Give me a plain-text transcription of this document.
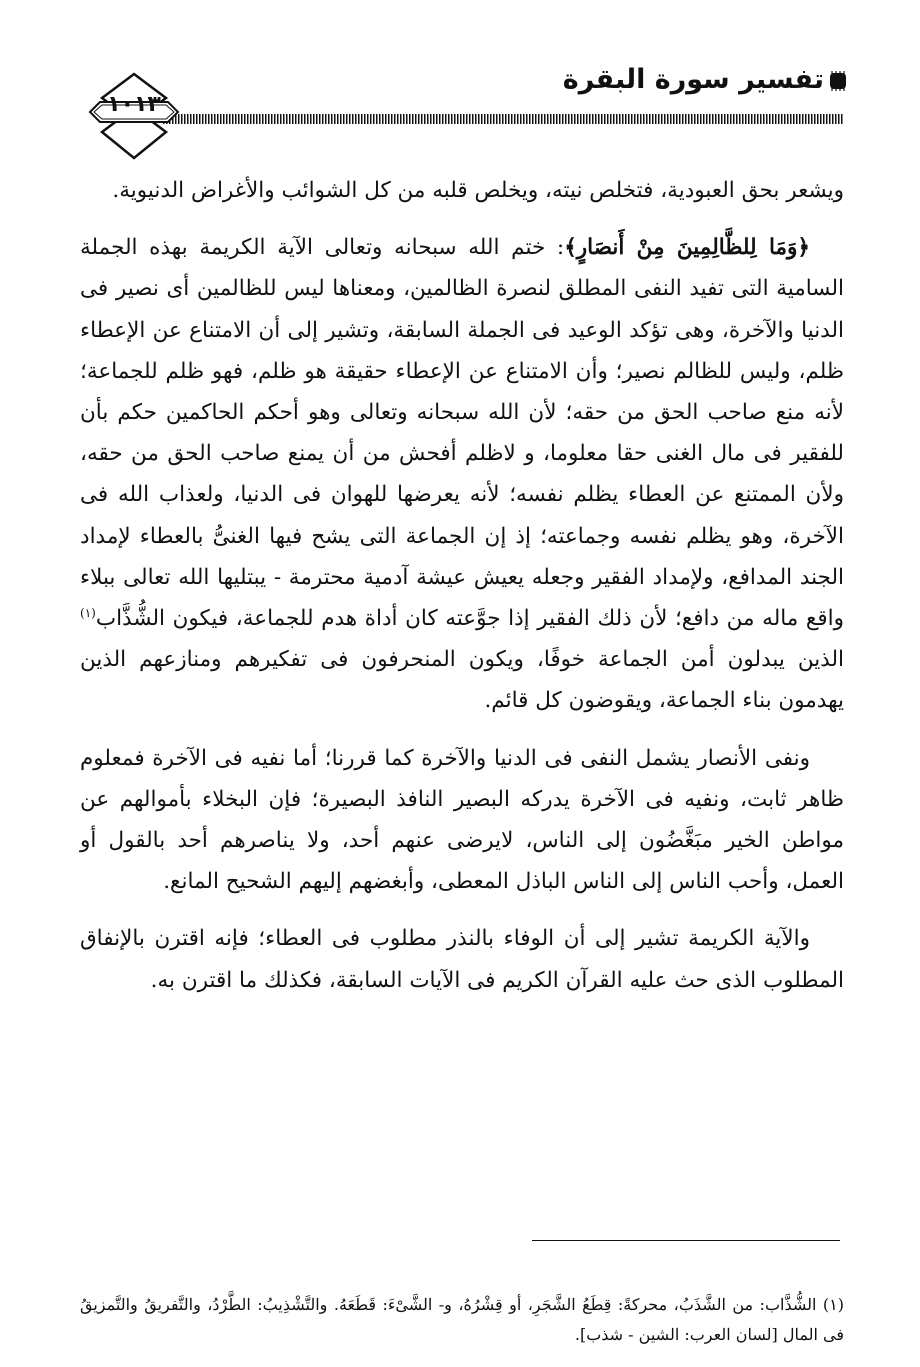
تفسير سورة البقرة
١٠١٣

ويشعر بحق العبودية، فتخلص نيته، ويخلص قلبه من كل الشوائب والأغراض الدنيوية.

﴿وَمَا لِلظَّالِمِينَ مِنْ أَنصَارٍ﴾: ختم الله سبحانه وتعالى الآية الكريمة بهذه الجملة السامية التى تفيد النفى المطلق لنصرة الظالمين، ومعناها ليس للظالمين أى نصير فى الدنيا والآخرة، وهى تؤكد الوعيد فى الجملة السابقة، وتشير إلى أن الامتناع عن الإعطاء ظلم، وليس للظالم نصير؛ وأن الامتناع عن الإعطاء حقيقة هو ظلم، فهو ظلم للجماعة؛ لأنه منع صاحب الحق من حقه؛ لأن الله سبحانه وتعالى وهو أحكم الحاكمين حكم بأن للفقير فى مال الغنى حقا معلوما، و لاظلم أفحش من أن يمنع صاحب الحق من حقه، ولأن الممتنع عن العطاء يظلم نفسه؛ لأنه يعرضها للهوان فى الدنيا، ولعذاب الله فى الآخرة، وهو يظلم نفسه وجماعته؛ إذ إن الجماعة التى يشح فيها الغنىُّ بالعطاء لإمداد الجند المدافع، ولإمداد الفقير وجعله يعيش عيشة آدمية محترمة - يبتليها الله تعالى ببلاء واقع ماله من دافع؛ لأن ذلك الفقير إذا جوَّعته كان أداة هدم للجماعة، فيكون الشُّذَّاب$^{(١)}$ الذين يبدلون أمن الجماعة خوفًا، ويكون المنحرفون فى تفكيرهم ومنازعهم الذين يهدمون بناء الجماعة، ويقوضون كل قائم.

ونفى الأنصار يشمل النفى فى الدنيا والآخرة كما قررنا؛ أما نفيه فى الآخرة فمعلوم ظاهر ثابت، ونفيه فى الآخرة يدركه البصير النافذ البصيرة؛ فإن البخلاء بأموالهم عن مواطن الخير مبَغَّضُون إلى الناس، لايرضى عنهم أحد، ولا يناصرهم أحد بالقول أو العمل، وأحب الناس إلى الناس الباذل المعطى، وأبغضهم إليهم الشحيح المانع.

والآية الكريمة تشير إلى أن الوفاء بالنذر مطلوب فى العطاء؛ فإنه اقترن بالإنفاق المطلوب الذى حث عليه القرآن الكريم فى الآيات السابقة، فكذلك ما اقترن به.

(١) الشُّذَّاب: من الشَّذَبُ، محركةً: قِطَعُ الشَّجَرِ، أو قِشْرُهُ، و- الشَّىْءَ: قَطَعَهُ. والتَّشْذِيبُ: الطَّرْدُ، والتَّفريقُ والتَّمزيقُ فى المال [لسان العرب: الشين - شذب].
